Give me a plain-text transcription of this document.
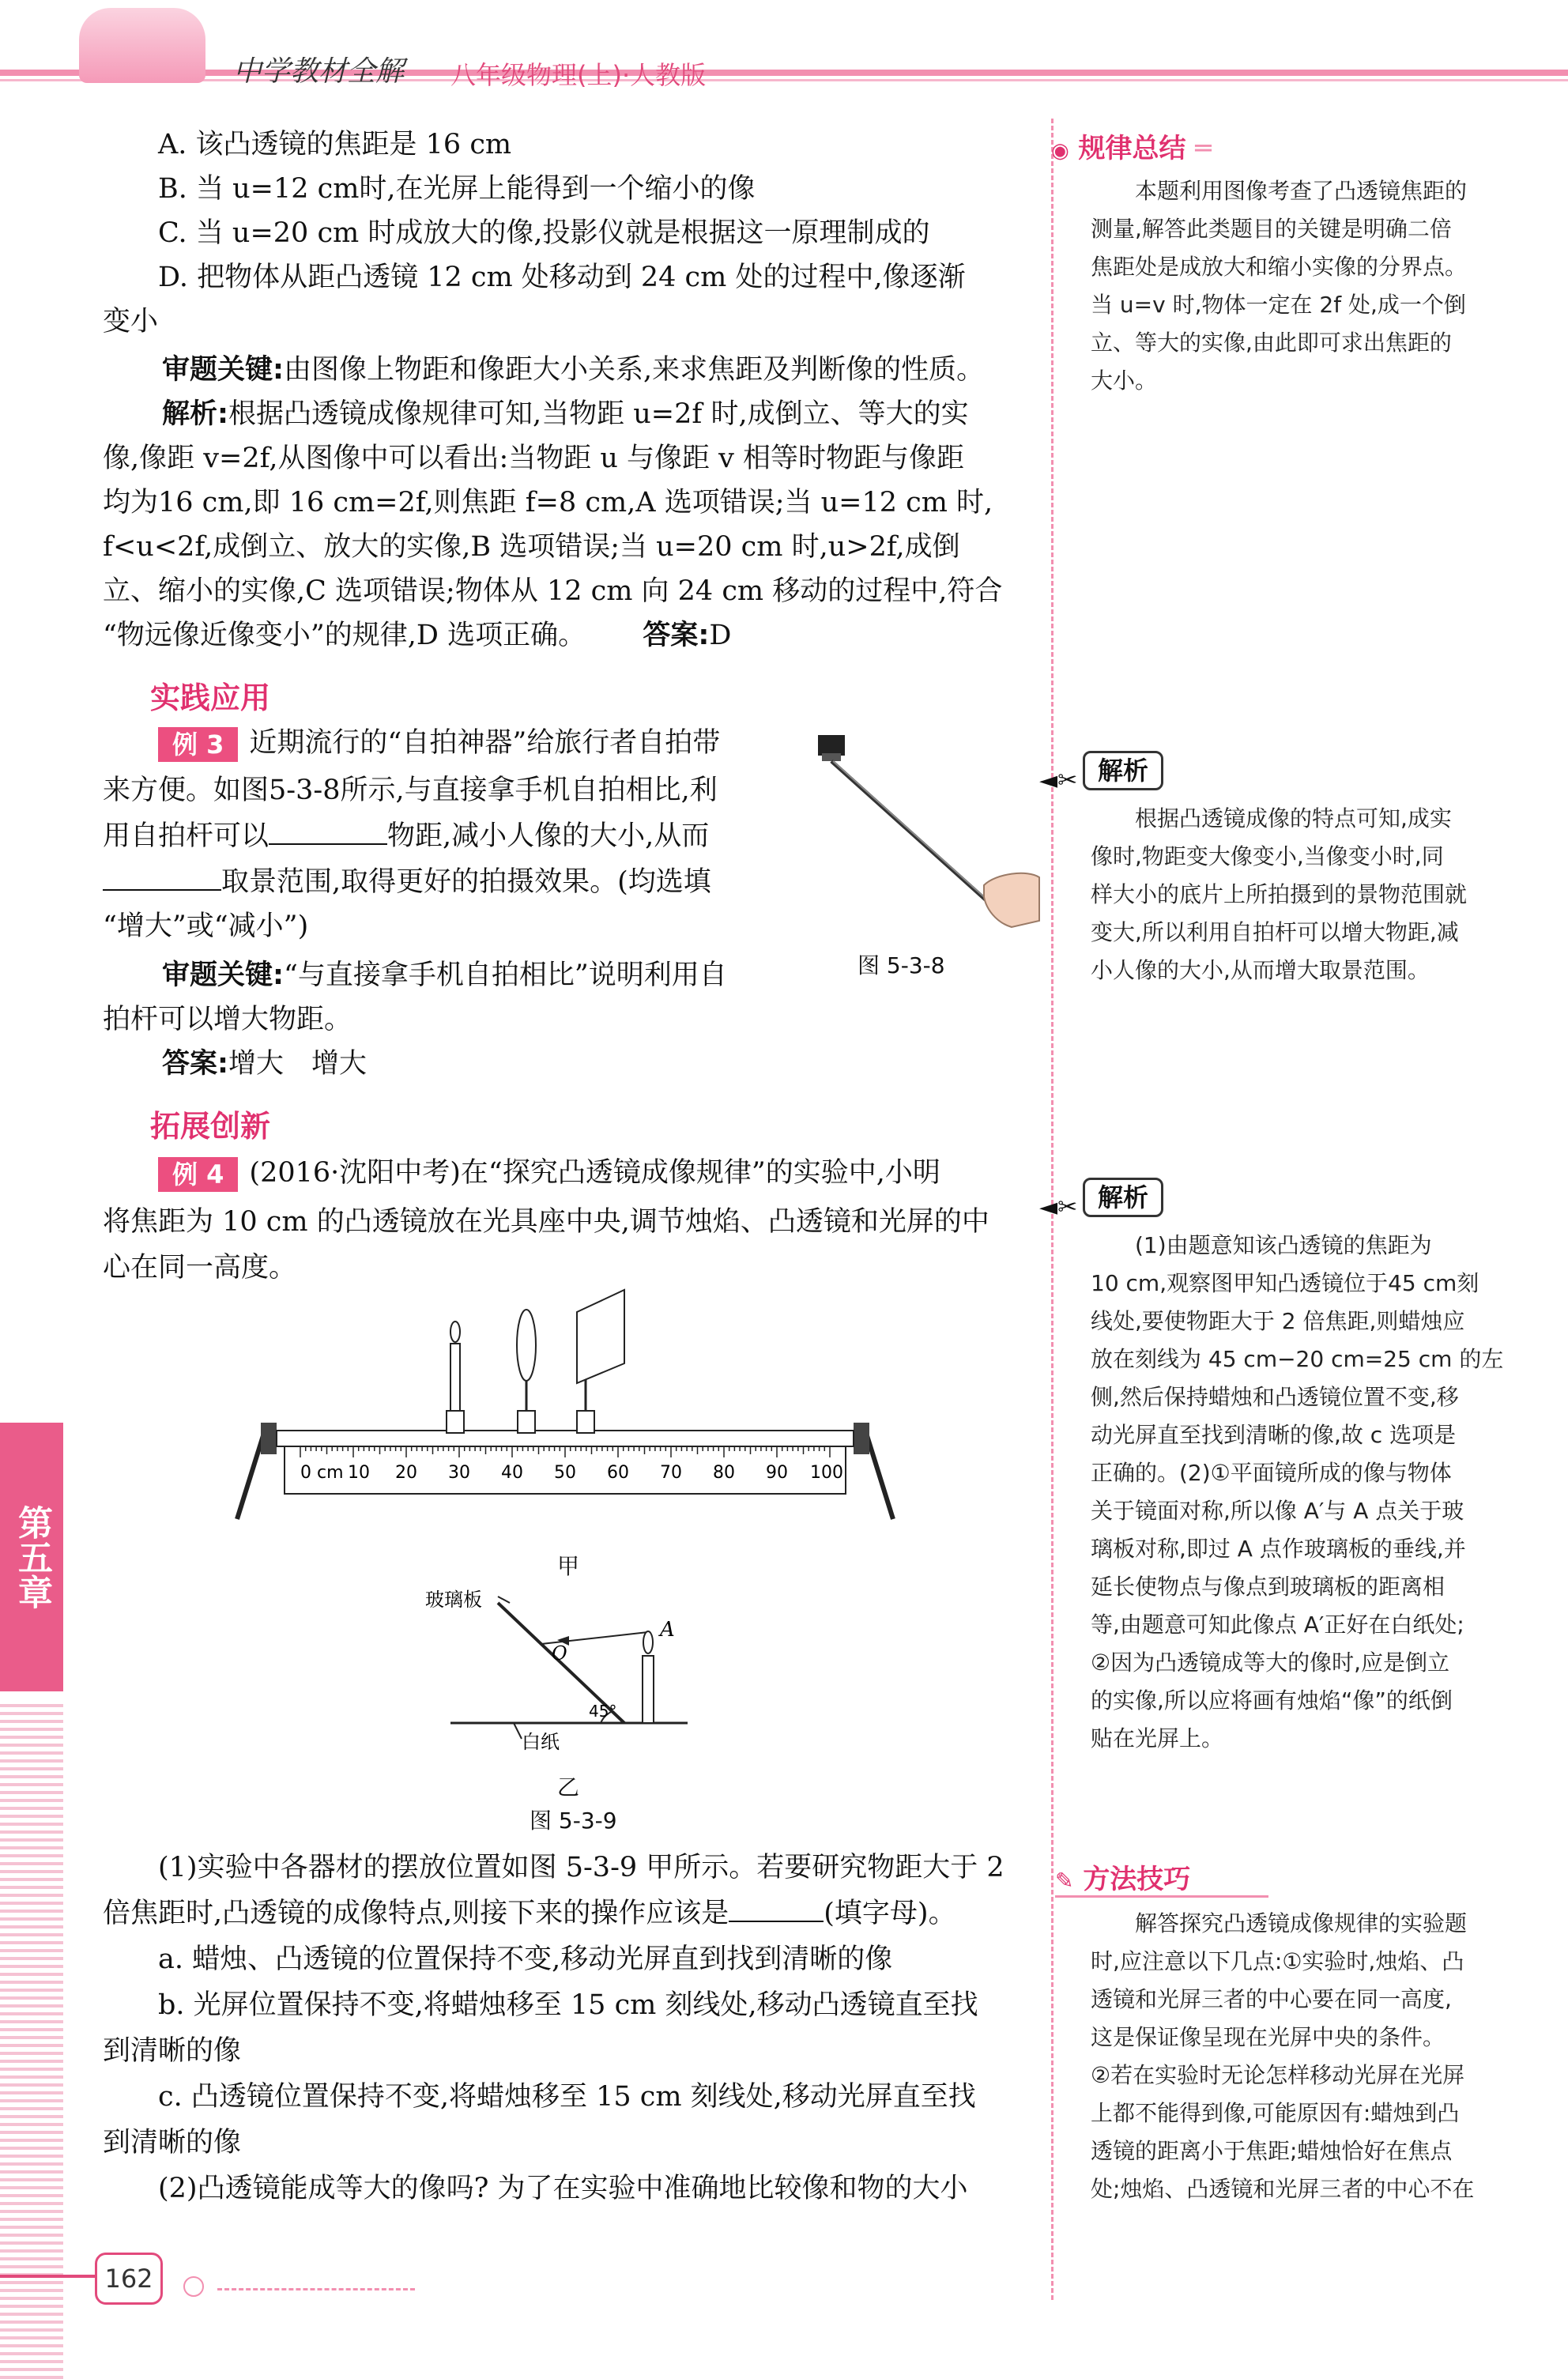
中学教材全解 八年级物理(上)·人教版
A. 该凸透镜的焦距是 16 cm
B. 当 u=12 cm时,在光屏上能得到一个缩小的像
C. 当 u=20 cm 时成放大的像,投影仪就是根据这一原理制成的
D. 把物体从距凸透镜 12 cm 处移动到 24 cm 处的过程中,像逐渐
变小
审题关键:由图像上物距和像距大小关系,来求焦距及判断像的性质。
解析:根据凸透镜成像规律可知,当物距 u=2f 时,成倒立、等大的实
像,像距 v=2f,从图像中可以看出:当物距 u 与像距 v 相等时物距与像距
均为16 cm,即 16 cm=2f,则焦距 f=8 cm,A 选项错误;当 u=12 cm 时,
f<u<2f,成倒立、放大的实像,B 选项错误;当 u=20 cm 时,u>2f,成倒
立、缩小的实像,C 选项错误;物体从 12 cm 向 24 cm 移动的过程中,符合
“物远像近像变小”的规律,D 选项正确。 答案:D
实践应用
例 3 近期流行的“自拍神器”给旅行者自拍带
来方便。如图5-3-8所示,与直接拿手机自拍相比,利
用自拍杆可以	物距,减小人像的大小,从而
取景范围,取得更好的拍摄效果。(均选填
“增大”或“减小”)
审题关键:“与直接拿手机自拍相比”说明利用自
拍杆可以增大物距。
答案:增大　增大
图 5-3-8
拓展创新
例 4 (2016·沈阳中考)在“探究凸透镜成像规律”的实验中,小明
将焦距为 10 cm 的凸透镜放在光具座中央,调节烛焰、凸透镜和光屏的中
心在同一高度。
0 cm 10 20 30 40 50 60 70 80 90 100
甲
玻璃板
O
A
45°
白纸
乙
图 5-3-9
(1)实验中各器材的摆放位置如图 5-3-9 甲所示。若要研究物距大于 2
倍焦距时,凸透镜的成像特点,则接下来的操作应该是	(填字母)。
a. 蜡烛、凸透镜的位置保持不变,移动光屏直到找到清晰的像
b. 光屏位置保持不变,将蜡烛移至 15 cm 刻线处,移动凸透镜直至找
到清晰的像
c. 凸透镜位置保持不变,将蜡烛移至 15 cm 刻线处,移动光屏直至找
到清晰的像
(2)凸透镜能成等大的像吗? 为了在实验中准确地比较像和物的大小
◉ 规律总结 ═
本题利用图像考查了凸透镜焦距的
测量,解答此类题目的关键是明确二倍
焦距处是成放大和缩小实像的分界点。
当 u=v 时,物体一定在 2f 处,成一个倒
立、等大的实像,由此即可求出焦距的
大小。
◄✂ 解析
根据凸透镜成像的特点可知,成实
像时,物距变大像变小,当像变小时,同
样大小的底片上所拍摄到的景物范围就
变大,所以利用自拍杆可以增大物距,减
小人像的大小,从而增大取景范围。
◄✂ 解析
(1)由题意知该凸透镜的焦距为
10 cm,观察图甲知凸透镜位于45 cm刻
线处,要使物距大于 2 倍焦距,则蜡烛应
放在刻线为 45 cm−20 cm=25 cm 的左
侧,然后保持蜡烛和凸透镜位置不变,移
动光屏直至找到清晰的像,故 c 选项是
正确的。(2)①平面镜所成的像与物体
关于镜面对称,所以像 A′与 A 点关于玻
璃板对称,即过 A 点作玻璃板的垂线,并
延长使物点与像点到玻璃板的距离相
等,由题意可知此像点 A′正好在白纸处;
②因为凸透镜成等大的像时,应是倒立
的实像,所以应将画有烛焰“像”的纸倒
贴在光屏上。
✎ 方法技巧
解答探究凸透镜成像规律的实验题
时,应注意以下几点:①实验时,烛焰、凸
透镜和光屏三者的中心要在同一高度,
这是保证像呈现在光屏中央的条件。
②若在实验时无论怎样移动光屏在光屏
上都不能得到像,可能原因有:蜡烛到凸
透镜的距离小于焦距;蜡烛恰好在焦点
处;烛焰、凸透镜和光屏三者的中心不在
第五章
162
